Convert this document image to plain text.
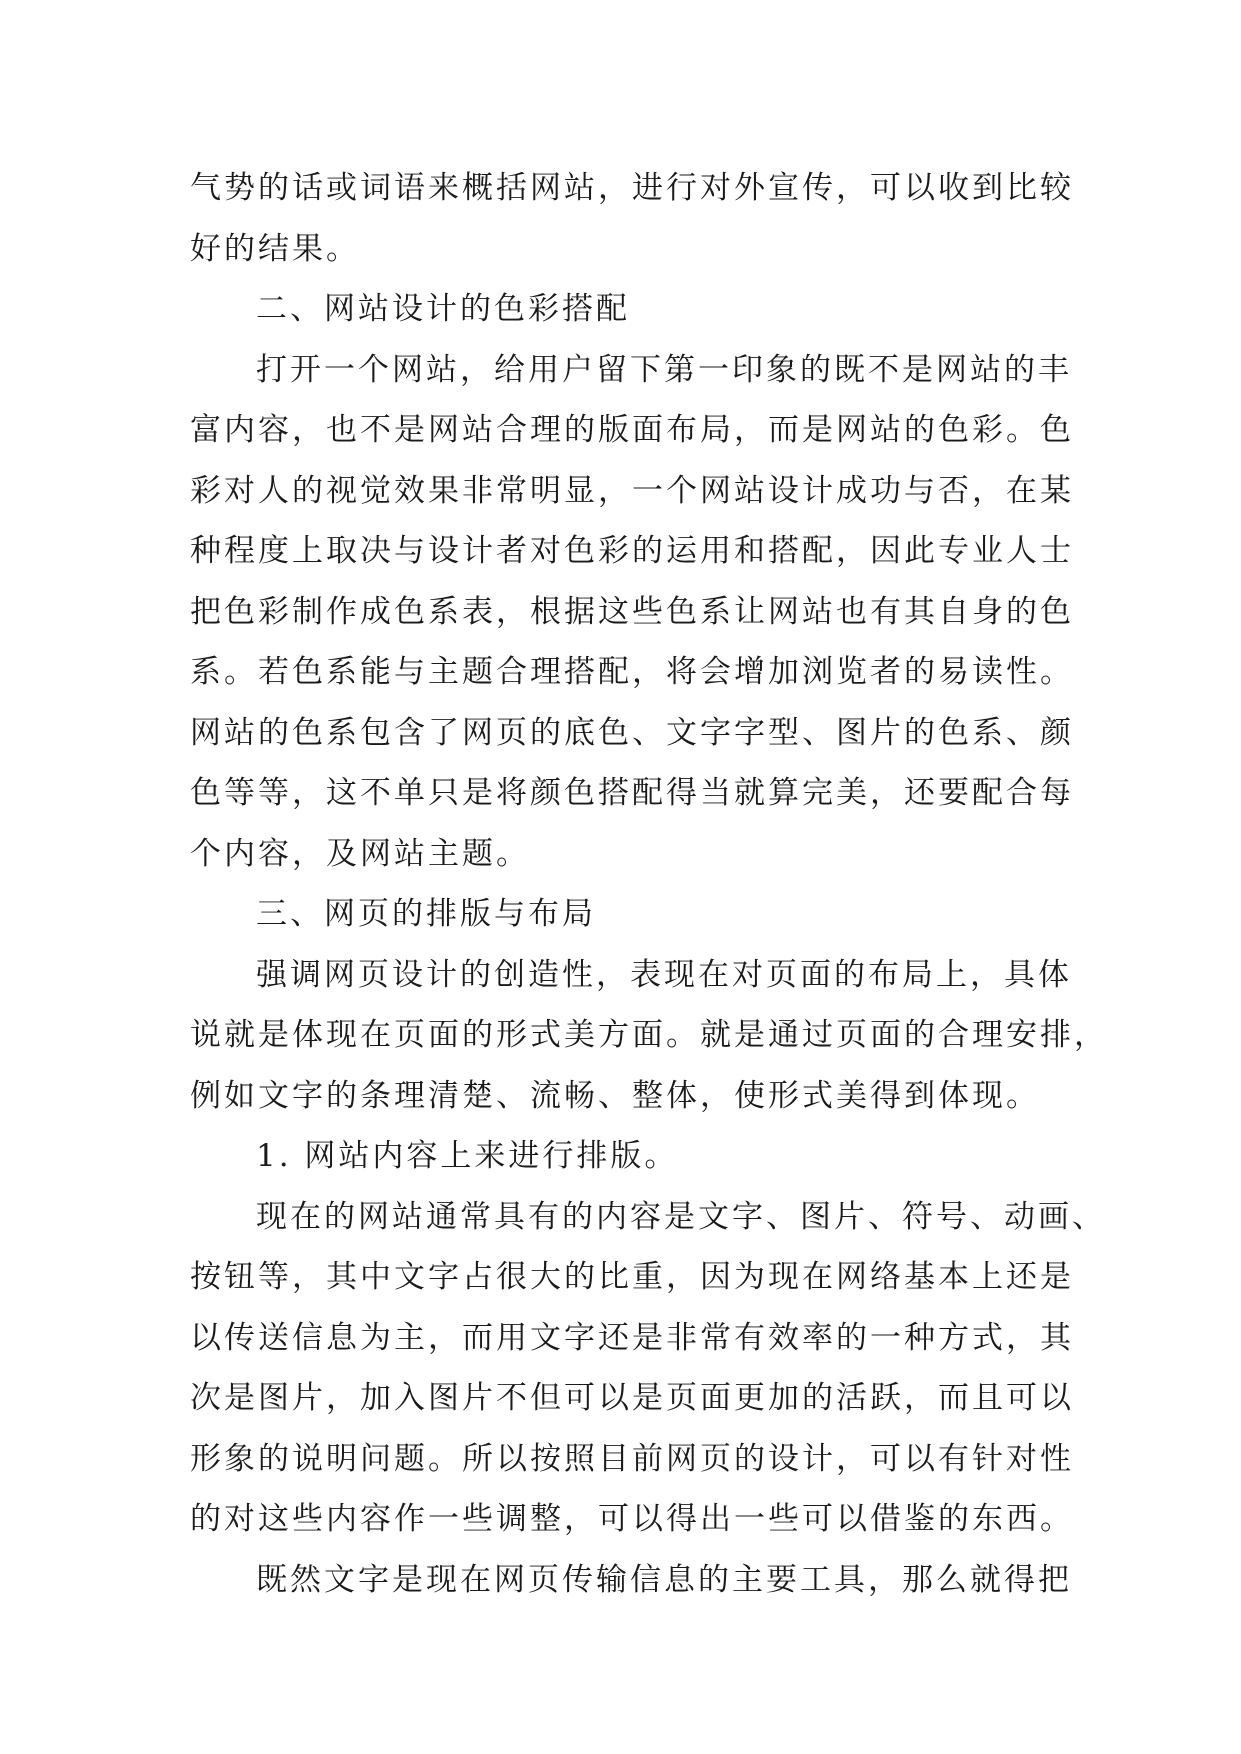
气势的话或词语来概括网站，进行对外宣传，可以收到比较
好的结果。
二、网站设计的色彩搭配
打开一个网站，给用户留下第一印象的既不是网站的丰
富内容，也不是网站合理的版面布局，而是网站的色彩。色
彩对人的视觉效果非常明显，一个网站设计成功与否，在某
种程度上取决与设计者对色彩的运用和搭配，因此专业人士
把色彩制作成色系表，根据这些色系让网站也有其自身的色
系。若色系能与主题合理搭配，将会增加浏览者的易读性。
网站的色系包含了网页的底色、文字字型、图片的色系、颜
色等等，这不单只是将颜色搭配得当就算完美，还要配合每
个内容，及网站主题。
三、网页的排版与布局
强调网页设计的创造性，表现在对页面的布局上，具体
说就是体现在页面的形式美方面。就是通过页面的合理安排，
例如文字的条理清楚、流畅、整体，使形式美得到体现。
1. 网站内容上来进行排版。
现在的网站通常具有的内容是文字、图片、符号、动画、
按钮等，其中文字占很大的比重，因为现在网络基本上还是
以传送信息为主，而用文字还是非常有效率的一种方式，其
次是图片，加入图片不但可以是页面更加的活跃，而且可以
形象的说明问题。所以按照目前网页的设计，可以有针对性
的对这些内容作一些调整，可以得出一些可以借鉴的东西。
既然文字是现在网页传输信息的主要工具，那么就得把
